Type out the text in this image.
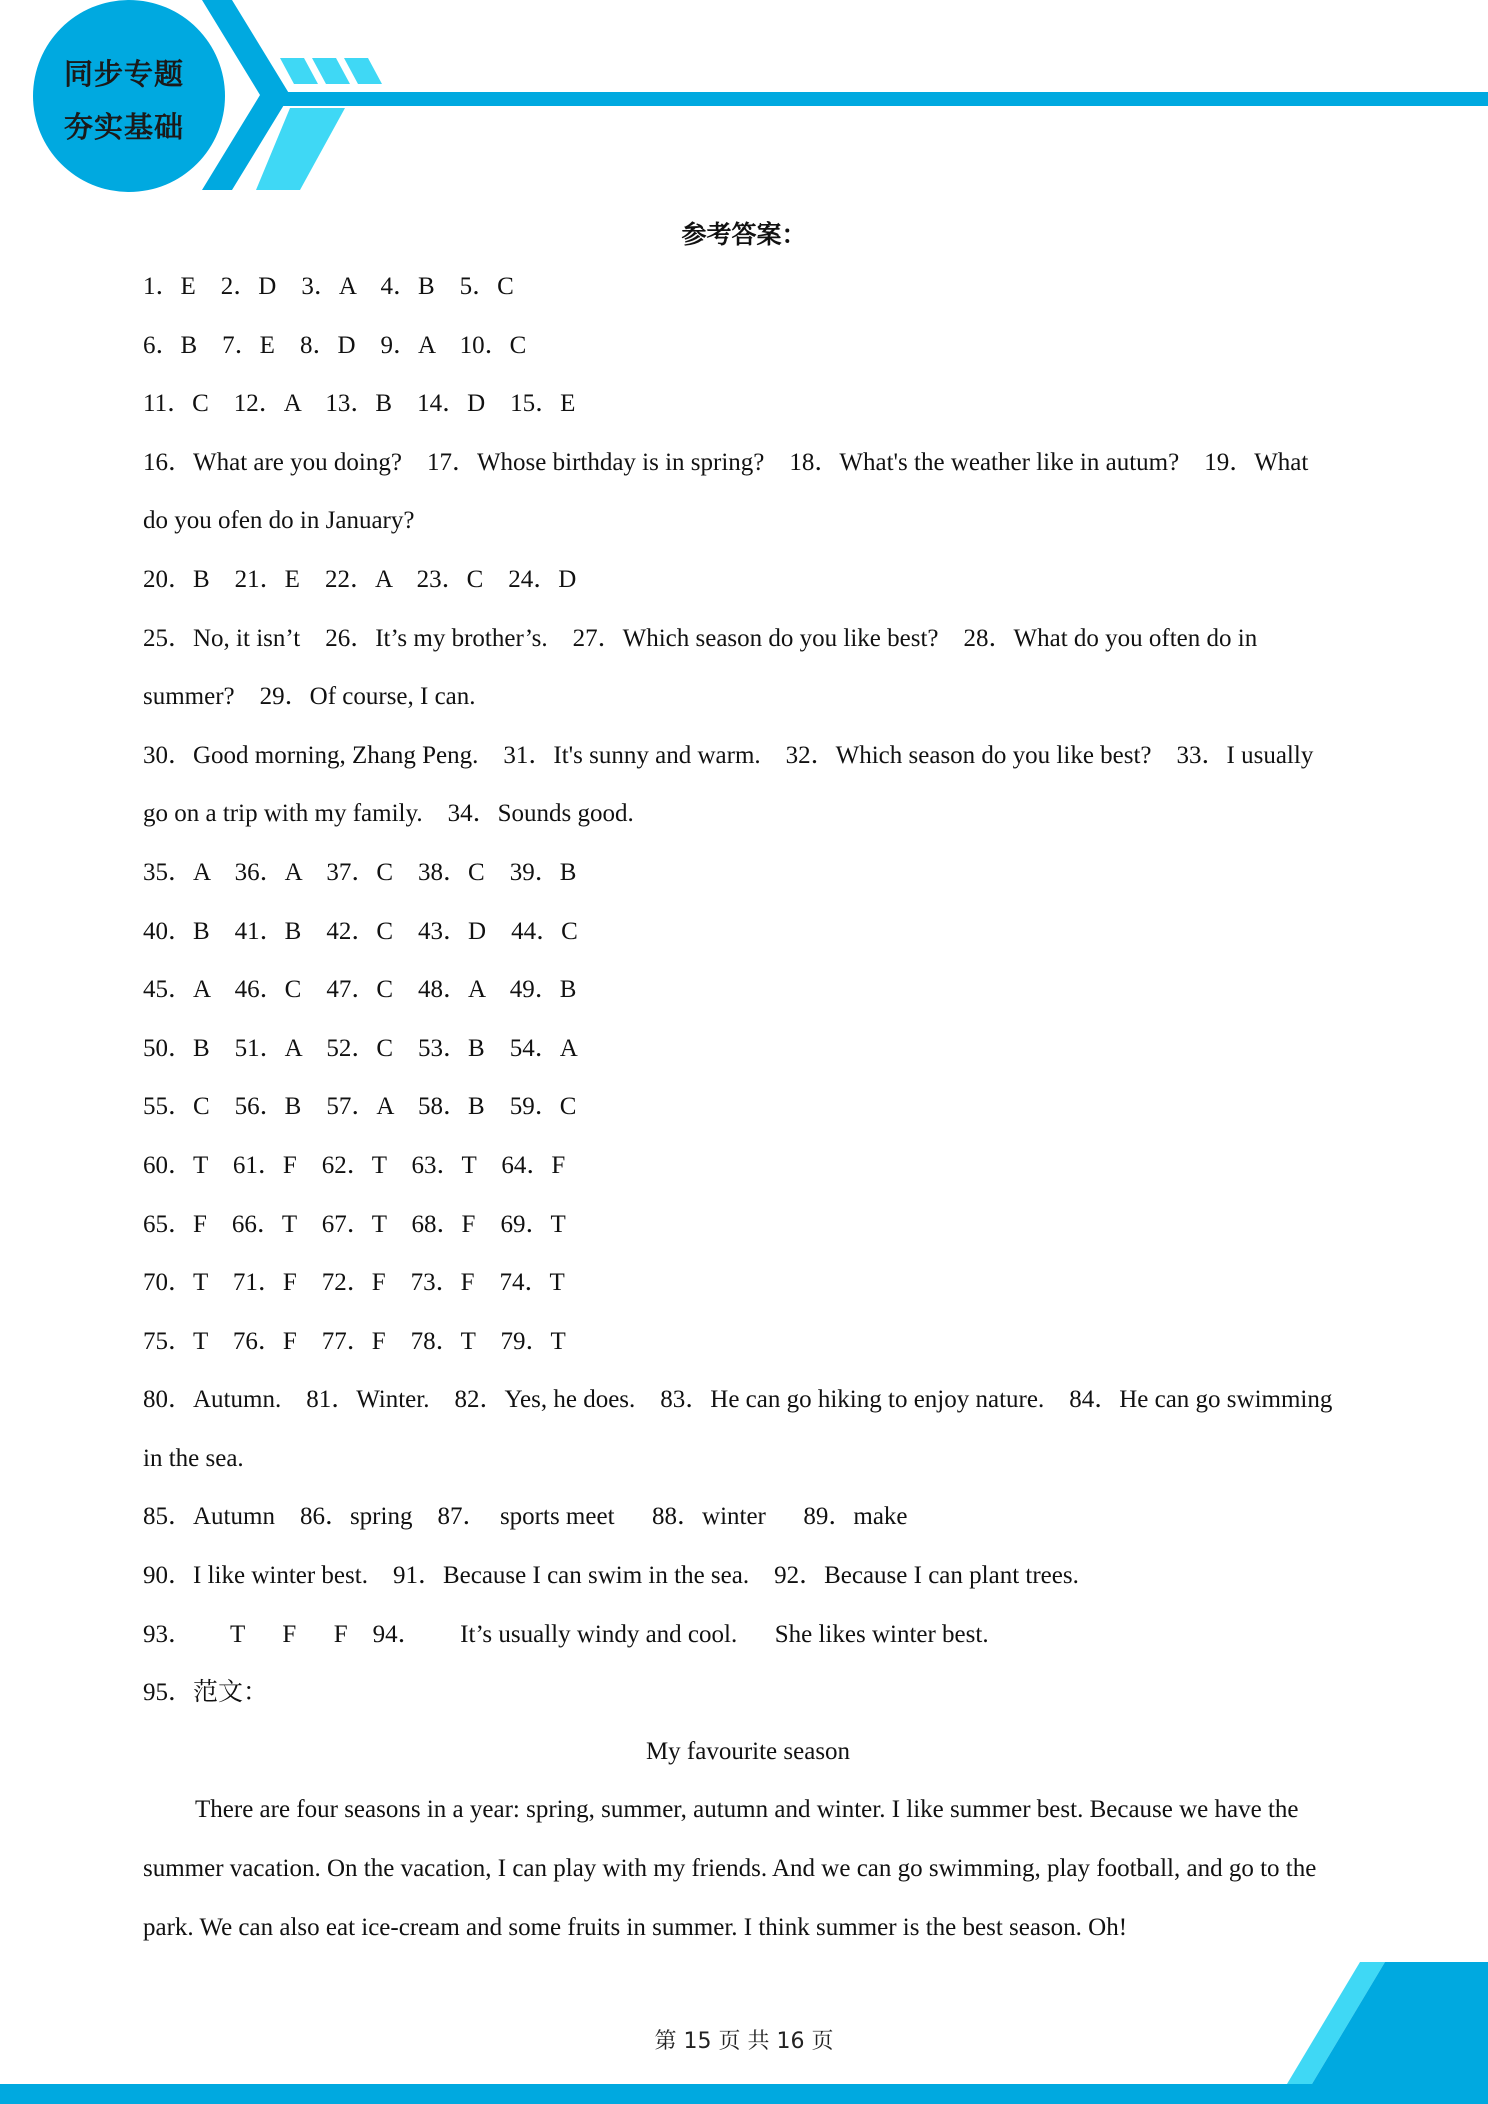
同步专题
夯实基础
参考答案：

1．E    2．D    3．A    4．B    5．C

6．B    7．E    8．D    9．A    10．C

11．C    12．A    13．B    14．D    15．E

16．What are you doing?    17．Whose birthday is in spring?    18．What's the weather like in autum?    19．What

do you ofen do in January?

20．B    21．E    22．A    23．C    24．D

25．No, it isn’t    26．It’s my brother’s.    27．Which season do you like best?    28．What do you often do in

summer?    29．Of course, I can.

30．Good morning, Zhang Peng.    31．It's sunny and warm.    32．Which season do you like best?    33．I usually

go on a trip with my family.    34．Sounds good.

35．A    36．A    37．C    38．C    39．B

40．B    41．B    42．C    43．D    44．C

45．A    46．C    47．C    48．A    49．B

50．B    51．A    52．C    53．B    54．A

55．C    56．B    57．A    58．B    59．C

60．T    61．F    62．T    63．T    64．F

65．F    66．T    67．T    68．F    69．T

70．T    71．F    72．F    73．F    74．T

75．T    76．F    77．F    78．T    79．T

80．Autumn.    81．Winter.    82．Yes, he does.    83．He can go hiking to enjoy nature.    84．He can go swimming

in the sea.

85．Autumn    86．spring    87．  sports meet      88．winter      89．make

90．I like winter best.    91．Because I can swim in the sea.    92．Because I can plant trees.

93．      T      F      F    94．      It’s usually windy and cool.      She likes winter best.

95．范文：

My favourite season

There are four seasons in a year: spring, summer, autumn and winter. I like summer best. Because we have the summer vacation. On the vacation, I can play with my friends. And we can go swimming, play football, and go to the park. We can also eat ice-cream and some fruits in summer. I think summer is the best season. Oh!

第 15 页 共 16 页
